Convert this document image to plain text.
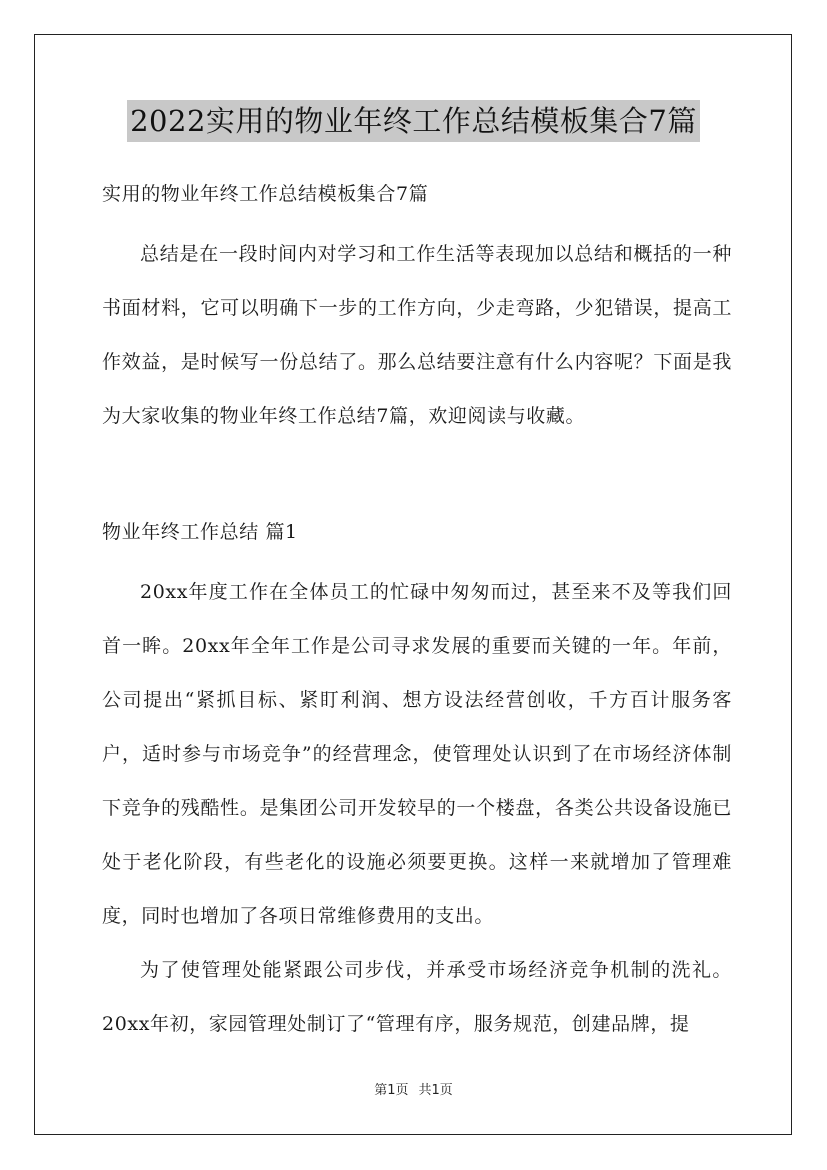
2022实用的物业年终工作总结模板集合7篇

实用的物业年终工作总结模板集合7篇

总结是在一段时间内对学习和工作生活等表现加以总结和概括的一种书面材料，它可以明确下一步的工作方向，少走弯路，少犯错误，提高工作效益，是时候写一份总结了。那么总结要注意有什么内容呢？下面是我为大家收集的物业年终工作总结7篇，欢迎阅读与收藏。

物业年终工作总结 篇1

20xx年度工作在全体员工的忙碌中匆匆而过，甚至来不及等我们回首一眸。20xx年全年工作是公司寻求发展的重要而关键的一年。年前，公司提出“紧抓目标、紧盯利润、想方设法经营创收，千方百计服务客户，适时参与市场竞争”的经营理念，使管理处认识到了在市场经济体制下竞争的残酷性。是集团公司开发较早的一个楼盘，各类公共设备设施已处于老化阶段，有些老化的设施必须要更换。这样一来就增加了管理难度，同时也增加了各项日常维修费用的支出。

为了使管理处能紧跟公司步伐，并承受市场经济竞争机制的洗礼。20xx年初，家园管理处制订了“管理有序，服务规范，创建品牌，提

第1页 共1页
